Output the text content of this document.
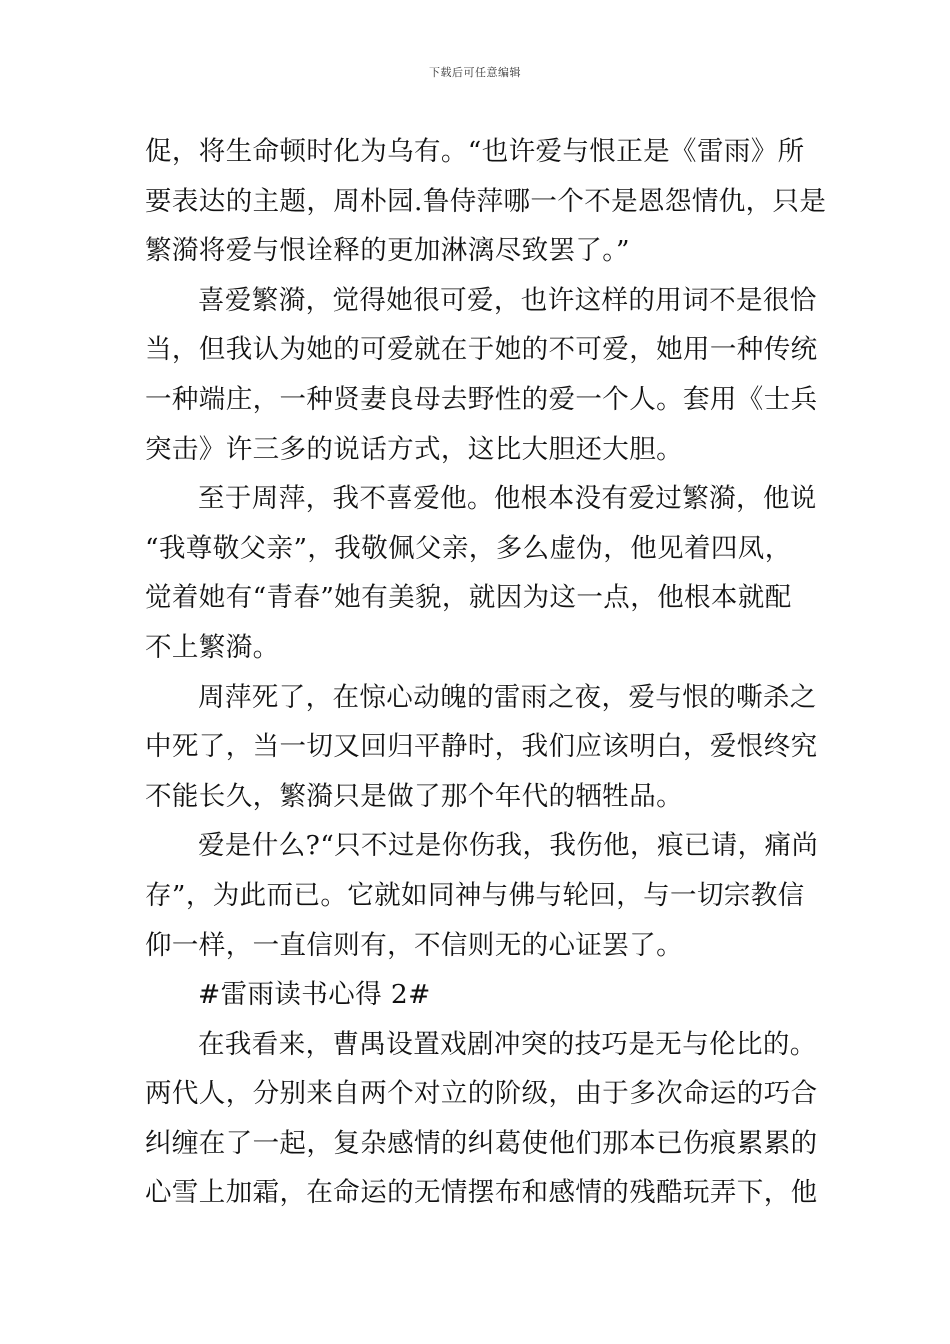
下载后可任意编辑
促，将生命顿时化为乌有。“也许爱与恨正是《雷雨》所
要表达的主题，周朴园.鲁侍萍哪一个不是恩怨情仇，只是
繁漪将爱与恨诠释的更加淋漓尽致罢了。”
喜爱繁漪，觉得她很可爱，也许这样的用词不是很恰
当，但我认为她的可爱就在于她的不可爱，她用一种传统
一种端庄，一种贤妻良母去野性的爱一个人。套用《士兵
突击》许三多的说话方式，这比大胆还大胆。
至于周萍，我不喜爱他。他根本没有爱过繁漪，他说
“我尊敬父亲”，我敬佩父亲，多么虚伪，他见着四凤，
觉着她有“青春”她有美貌，就因为这一点，他根本就配
不上繁漪。
周萍死了，在惊心动魄的雷雨之夜，爱与恨的嘶杀之
中死了，当一切又回归平静时，我们应该明白，爱恨终究
不能长久，繁漪只是做了那个年代的牺牲品。
爱是什么?“只不过是你伤我，我伤他，痕已请，痛尚
存”，为此而已。它就如同神与佛与轮回，与一切宗教信
仰一样，一直信则有，不信则无的心证罢了。
#雷雨读书心得 2#
在我看来，曹禺设置戏剧冲突的技巧是无与伦比的。
两代人，分别来自两个对立的阶级，由于多次命运的巧合
纠缠在了一起，复杂感情的纠葛使他们那本已伤痕累累的
心雪上加霜，在命运的无情摆布和感情的残酷玩弄下，他
